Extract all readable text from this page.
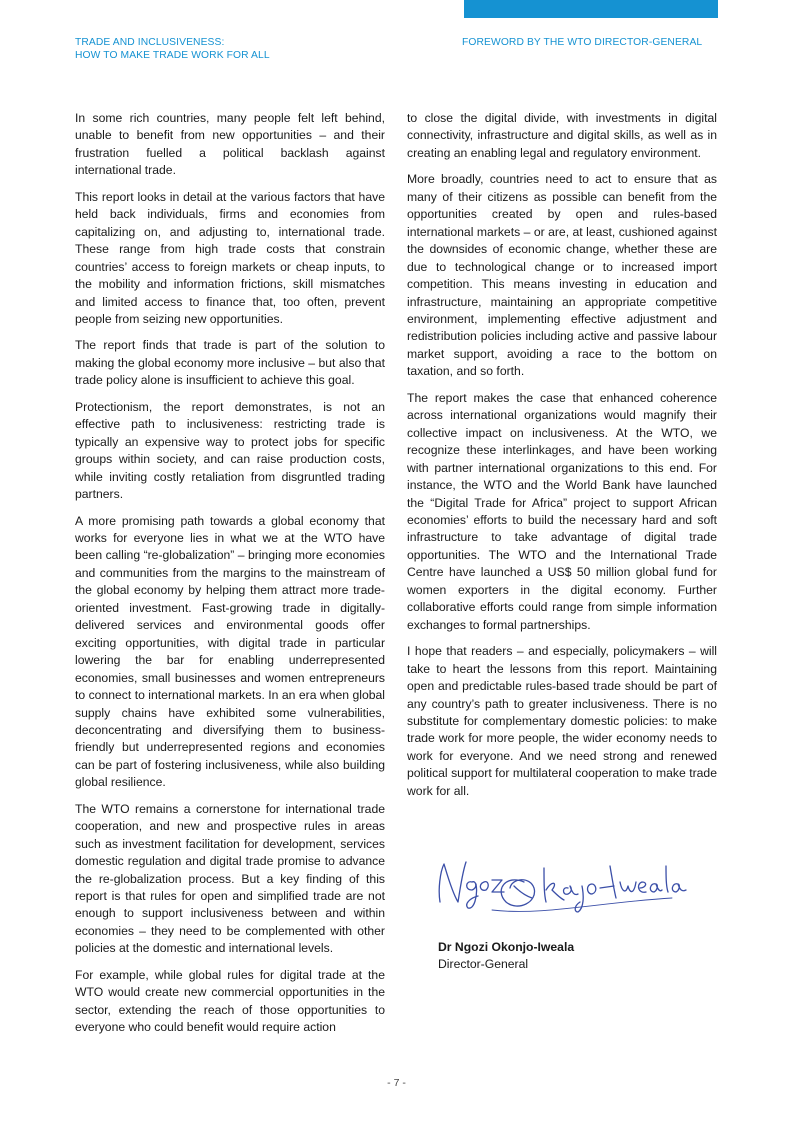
TRADE AND INCLUSIVENESS:
HOW TO MAKE TRADE WORK FOR ALL
FOREWORD BY THE WTO DIRECTOR-GENERAL

In some rich countries, many people felt left behind, unable to benefit from new opportunities – and their frustration fuelled a political backlash against international trade.

This report looks in detail at the various factors that have held back individuals, firms and economies from capitalizing on, and adjusting to, international trade. These range from high trade costs that constrain countries’ access to foreign markets or cheap inputs, to the mobility and information frictions, skill mismatches and limited access to finance that, too often, prevent people from seizing new opportunities.

The report finds that trade is part of the solution to making the global economy more inclusive – but also that trade policy alone is insufficient to achieve this goal.

Protectionism, the report demonstrates, is not an effective path to inclusiveness: restricting trade is typically an expensive way to protect jobs for specific groups within society, and can raise production costs, while inviting costly retaliation from disgruntled trading partners.

A more promising path towards a global economy that works for everyone lies in what we at the WTO have been calling “re-globalization” – bringing more economies and communities from the margins to the mainstream of the global economy by helping them attract more trade-oriented investment. Fast-growing trade in digitally-delivered services and environmental goods offer exciting opportunities, with digital trade in particular lowering the bar for enabling underrepresented economies, small businesses and women entrepreneurs to connect to international markets. In an era when global supply chains have exhibited some vulnerabilities, deconcentrating and diversifying them to business-friendly but underrepresented regions and economies can be part of fostering inclusiveness, while also building global resilience.

The WTO remains a cornerstone for international trade cooperation, and new and prospective rules in areas such as investment facilitation for development, services domestic regulation and digital trade promise to advance the re-globalization process. But a key finding of this report is that rules for open and simplified trade are not enough to support inclusiveness between and within economies – they need to be complemented with other policies at the domestic and international levels.

For example, while global rules for digital trade at the WTO would create new commercial opportunities in the sector, extending the reach of those opportunities to everyone who could benefit would require action

to close the digital divide, with investments in digital connectivity, infrastructure and digital skills, as well as in creating an enabling legal and regulatory environment.

More broadly, countries need to act to ensure that as many of their citizens as possible can benefit from the opportunities created by open and rules-based international markets – or are, at least, cushioned against the downsides of economic change, whether these are due to technological change or to increased import competition. This means investing in education and infrastructure, maintaining an appropriate competitive environment, implementing effective adjustment and redistribution policies including active and passive labour market support, avoiding a race to the bottom on taxation, and so forth.

The report makes the case that enhanced coherence across international organizations would magnify their collective impact on inclusiveness. At the WTO, we recognize these interlinkages, and have been working with partner international organizations to this end. For instance, the WTO and the World Bank have launched the “Digital Trade for Africa” project to support African economies’ efforts to build the necessary hard and soft infrastructure to take advantage of digital trade opportunities. The WTO and the International Trade Centre have launched a US$ 50 million global fund for women exporters in the digital economy. Further collaborative efforts could range from simple information exchanges to formal partnerships.

I hope that readers – and especially, policymakers – will take to heart the lessons from this report. Maintaining open and predictable rules-based trade should be part of any country’s path to greater inclusiveness. There is no substitute for complementary domestic policies: to make trade work for more people, the wider economy needs to work for everyone. And we need strong and renewed political support for multilateral cooperation to make trade work for all.

Dr Ngozi Okonjo-Iweala

Director-General

- 7 -
